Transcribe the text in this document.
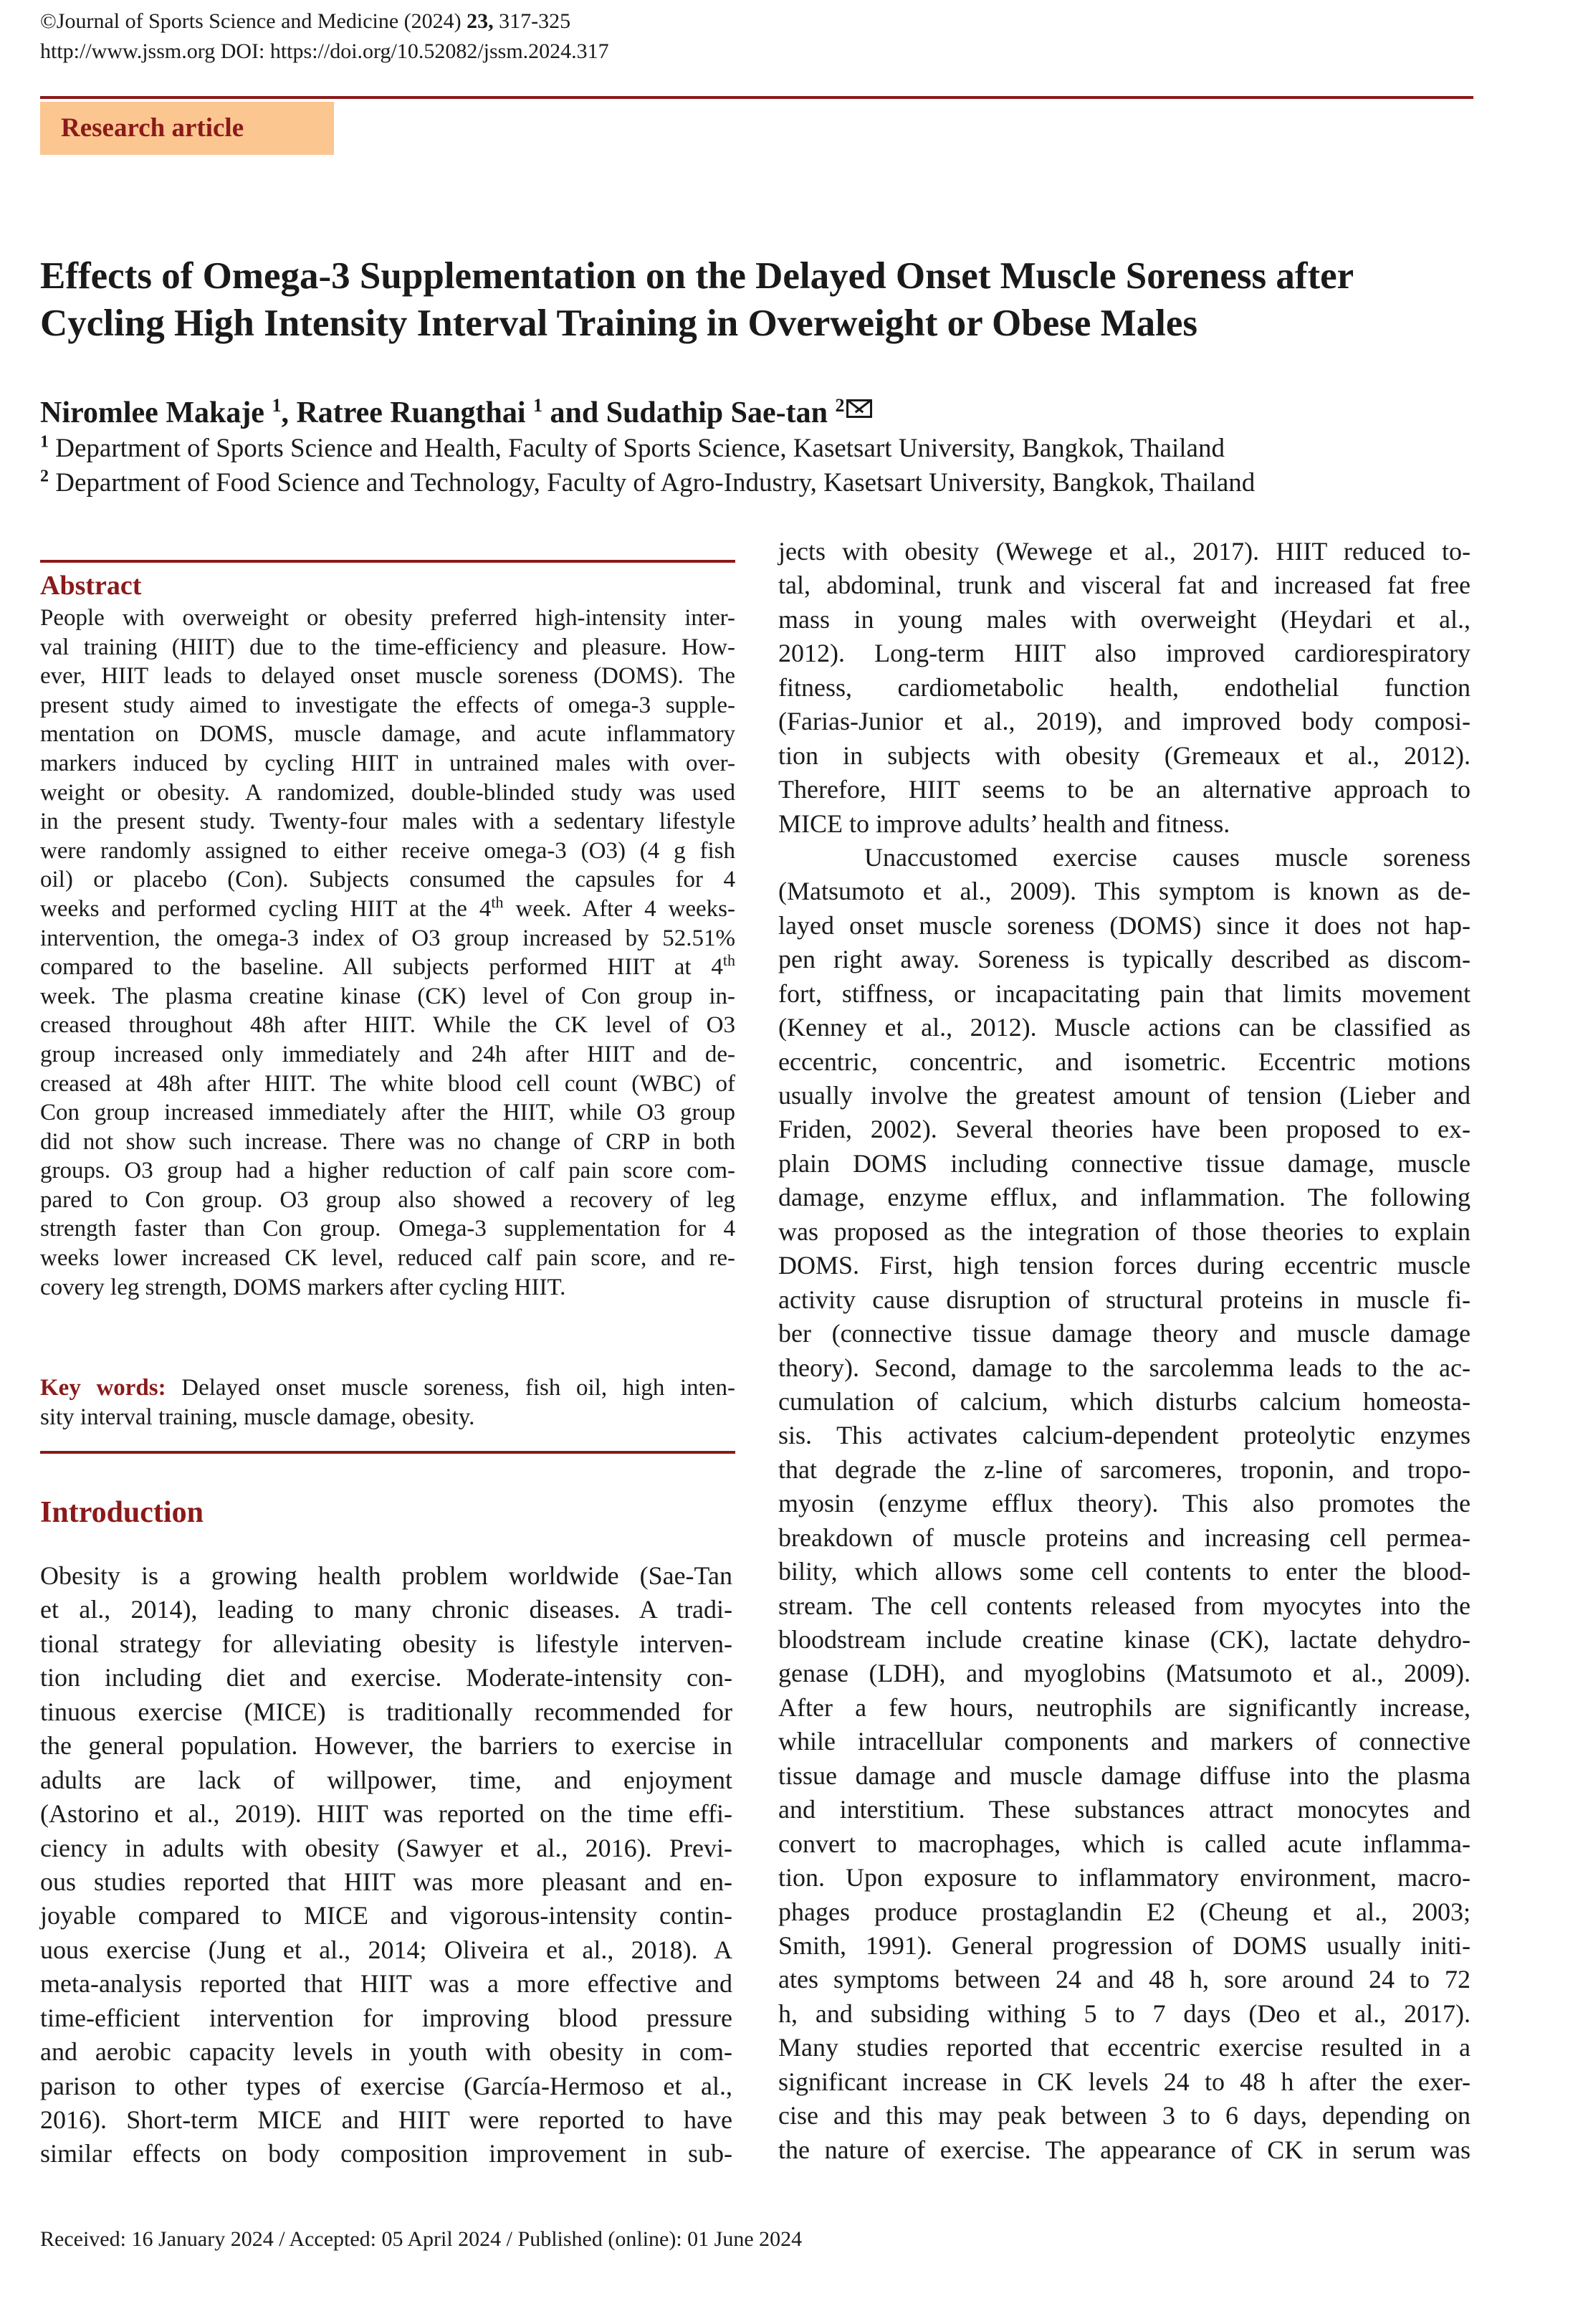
©Journal of Sports Science and Medicine (2024) 23, 317-325
http://www.jssm.org DOI: https://doi.org/10.52082/jssm.2024.317
Research article
Effects of Omega-3 Supplementation on the Delayed Onset Muscle Soreness after
Cycling High Intensity Interval Training in Overweight or Obese Males
Niromlee Makaje $^1$, Ratree Ruangthai $^1$ and Sudathip Sae-tan $^2$
$^1$ Department of Sports Science and Health, Faculty of Sports Science, Kasetsart University, Bangkok, Thailand
$^2$ Department of Food Science and Technology, Faculty of Agro-Industry, Kasetsart University, Bangkok, Thailand
Abstract
People with overweight or obesity preferred high-intensity inter-
val training (HIIT) due to the time-efficiency and pleasure. How-
ever, HIIT leads to delayed onset muscle soreness (DOMS). The
present study aimed to investigate the effects of omega-3 supple-
mentation on DOMS, muscle damage, and acute inflammatory
markers induced by cycling HIIT in untrained males with over-
weight or obesity. A randomized, double-blinded study was used
in the present study. Twenty-four males with a sedentary lifestyle
were randomly assigned to either receive omega-3 (O3) (4 g fish
oil) or placebo (Con). Subjects consumed the capsules for 4
weeks and performed cycling HIIT at the 4th week. After 4 weeks-
intervention, the omega-3 index of O3 group increased by 52.51%
compared to the baseline. All subjects performed HIIT at 4th
week. The plasma creatine kinase (CK) level of Con group in-
creased throughout 48h after HIIT. While the CK level of O3
group increased only immediately and 24h after HIIT and de-
creased at 48h after HIIT. The white blood cell count (WBC) of
Con group increased immediately after the HIIT, while O3 group
did not show such increase. There was no change of CRP in both
groups. O3 group had a higher reduction of calf pain score com-
pared to Con group. O3 group also showed a recovery of leg
strength faster than Con group. Omega-3 supplementation for 4
weeks lower increased CK level, reduced calf pain score, and re-
covery leg strength, DOMS markers after cycling HIIT.
Key words: Delayed onset muscle soreness, fish oil, high inten-
sity interval training, muscle damage, obesity.
Introduction
Obesity is a growing health problem worldwide (Sae-Tan
et al., 2014), leading to many chronic diseases. A tradi-
tional strategy for alleviating obesity is lifestyle interven-
tion including diet and exercise. Moderate-intensity con-
tinuous exercise (MICE) is traditionally recommended for
the general population. However, the barriers to exercise in
adults are lack of willpower, time, and enjoyment
(Astorino et al., 2019). HIIT was reported on the time effi-
ciency in adults with obesity (Sawyer et al., 2016). Previ-
ous studies reported that HIIT was more pleasant and en-
joyable compared to MICE and vigorous-intensity contin-
uous exercise (Jung et al., 2014; Oliveira et al., 2018). A
meta-analysis reported that HIIT was a more effective and
time-efficient intervention for improving blood pressure
and aerobic capacity levels in youth with obesity in com-
parison to other types of exercise (García-Hermoso et al.,
2016). Short-term MICE and HIIT were reported to have
similar effects on body composition improvement in sub-
jects with obesity (Wewege et al., 2017). HIIT reduced to-
tal, abdominal, trunk and visceral fat and increased fat free
mass in young males with overweight (Heydari et al.,
2012). Long-term HIIT also improved cardiorespiratory
fitness, cardiometabolic health, endothelial function
(Farias-Junior et al., 2019), and improved body composi-
tion in subjects with obesity (Gremeaux et al., 2012).
Therefore, HIIT seems to be an alternative approach to
MICE to improve adults’ health and fitness.
Unaccustomed exercise causes muscle soreness
(Matsumoto et al., 2009). This symptom is known as de-
layed onset muscle soreness (DOMS) since it does not hap-
pen right away. Soreness is typically described as discom-
fort, stiffness, or incapacitating pain that limits movement
(Kenney et al., 2012). Muscle actions can be classified as
eccentric, concentric, and isometric. Eccentric motions
usually involve the greatest amount of tension (Lieber and
Friden, 2002). Several theories have been proposed to ex-
plain DOMS including connective tissue damage, muscle
damage, enzyme efflux, and inflammation. The following
was proposed as the integration of those theories to explain
DOMS. First, high tension forces during eccentric muscle
activity cause disruption of structural proteins in muscle fi-
ber (connective tissue damage theory and muscle damage
theory). Second, damage to the sarcolemma leads to the ac-
cumulation of calcium, which disturbs calcium homeosta-
sis. This activates calcium-dependent proteolytic enzymes
that degrade the z-line of sarcomeres, troponin, and tropo-
myosin (enzyme efflux theory). This also promotes the
breakdown of muscle proteins and increasing cell permea-
bility, which allows some cell contents to enter the blood-
stream. The cell contents released from myocytes into the
bloodstream include creatine kinase (CK), lactate dehydro-
genase (LDH), and myoglobins (Matsumoto et al., 2009).
After a few hours, neutrophils are significantly increase,
while intracellular components and markers of connective
tissue damage and muscle damage diffuse into the plasma
and interstitium. These substances attract monocytes and
convert to macrophages, which is called acute inflamma-
tion. Upon exposure to inflammatory environment, macro-
phages produce prostaglandin E2 (Cheung et al., 2003;
Smith, 1991). General progression of DOMS usually initi-
ates symptoms between 24 and 48 h, sore around 24 to 72
h, and subsiding withing 5 to 7 days (Deo et al., 2017).
Many studies reported that eccentric exercise resulted in a
significant increase in CK levels 24 to 48 h after the exer-
cise and this may peak between 3 to 6 days, depending on
the nature of exercise. The appearance of CK in serum was
Received: 16 January 2024 / Accepted: 05 April 2024 / Published (online): 01 June 2024
